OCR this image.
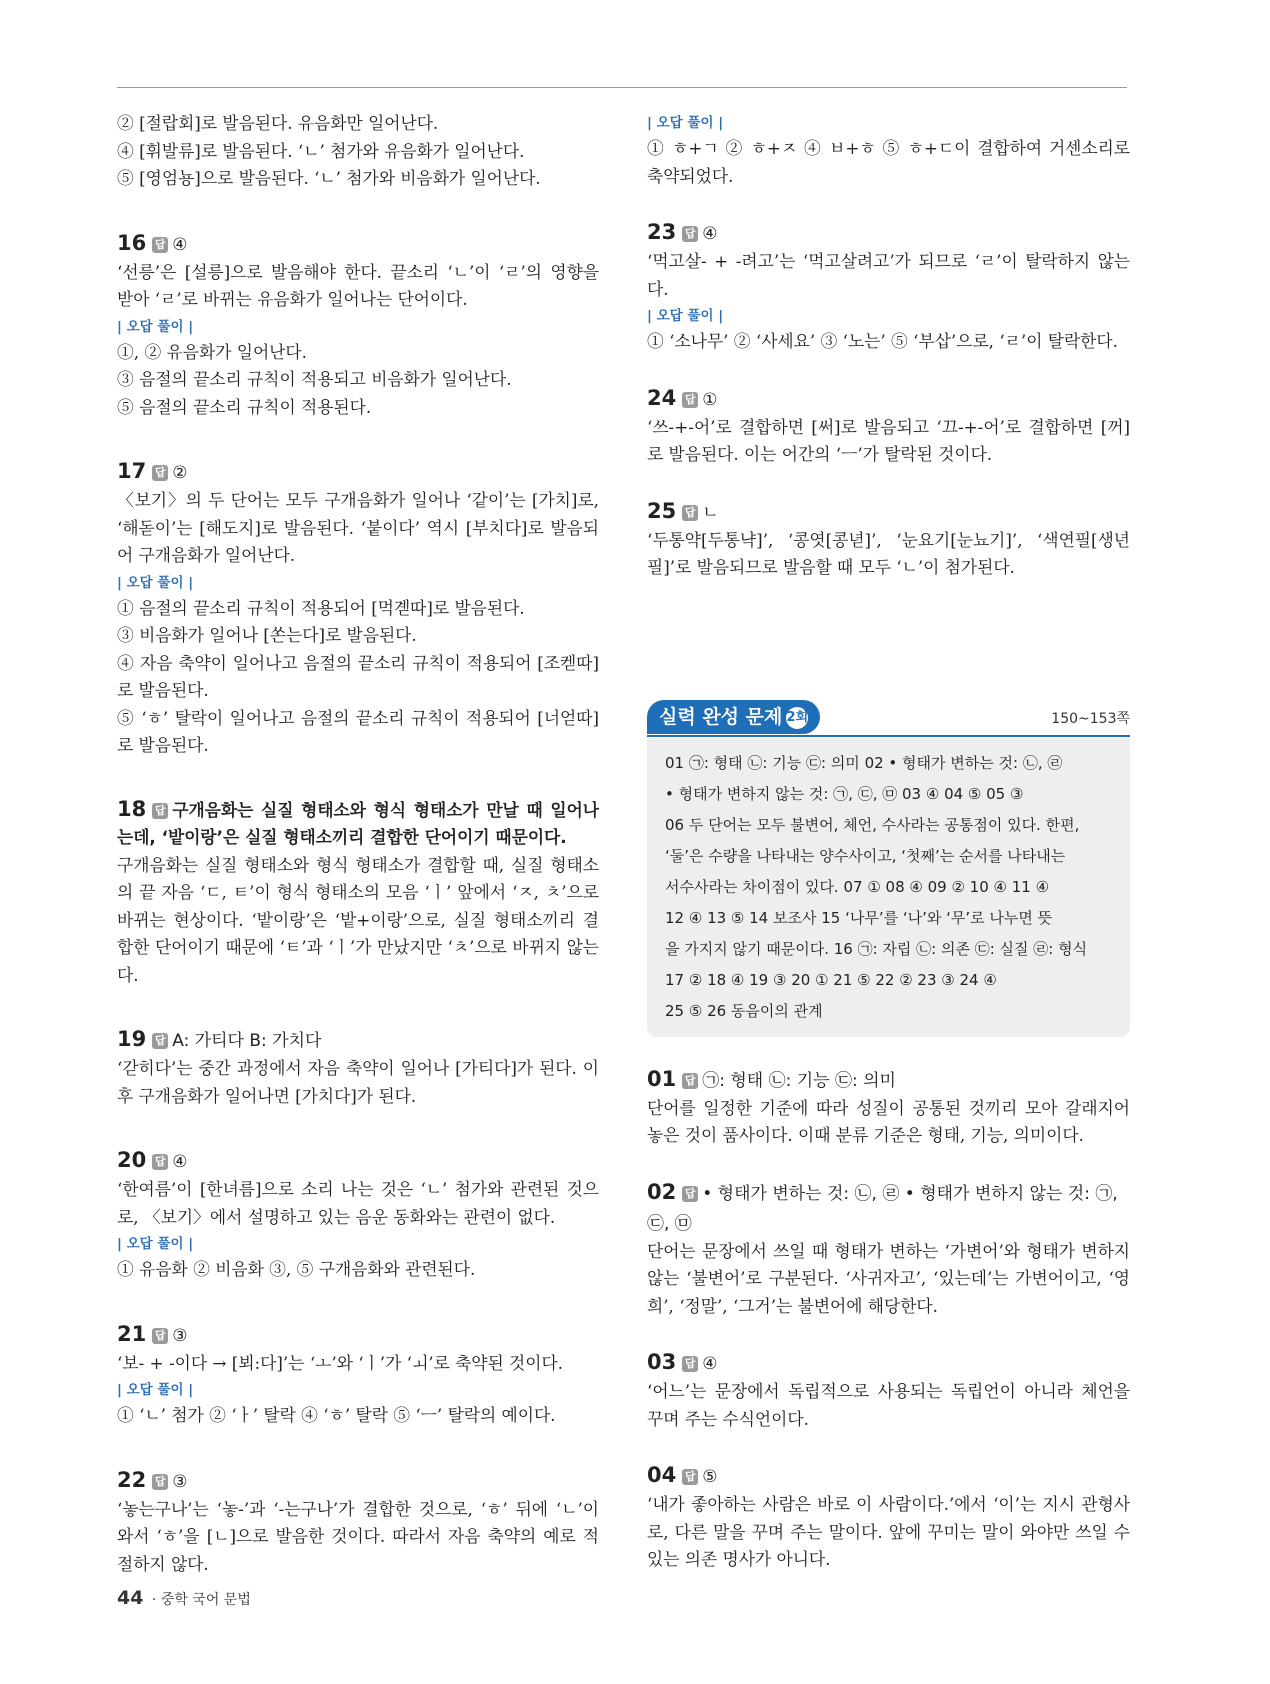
② [절랍회]로 발음된다. 유음화만 일어난다.

④ [휘발류]로 발음된다. ‘ㄴ’ 첨가와 유음화가 일어난다.

⑤ [영엄뇽]으로 발음된다. ‘ㄴ’ 첨가와 비음화가 일어난다.

16 답 ④

‘선릉’은 [설릉]으로 발음해야 한다. 끝소리 ‘ㄴ’이 ‘ㄹ’의 영향을 받아 ‘ㄹ’로 바뀌는 유음화가 일어나는 단어이다.

| 오답 풀이 |

①, ② 유음화가 일어난다.

③ 음절의 끝소리 규칙이 적용되고 비음화가 일어난다.

⑤ 음절의 끝소리 규칙이 적용된다.

17 답 ②

〈보기〉의 두 단어는 모두 구개음화가 일어나 ‘같이’는 [가치]로, ‘해돋이’는 [해도지]로 발음된다. ‘붙이다’ 역시 [부치다]로 발음되어 구개음화가 일어난다.

| 오답 풀이 |

① 음절의 끝소리 규칙이 적용되어 [먹곋따]로 발음된다.

③ 비음화가 일어나 [쏜는다]로 발음된다.

④ 자음 축약이 일어나고 음절의 끝소리 규칙이 적용되어 [조켇따]로 발음된다.

⑤ ‘ㅎ’ 탈락이 일어나고 음절의 끝소리 규칙이 적용되어 [너얻따]로 발음된다.

18 답 구개음화는 실질 형태소와 형식 형태소가 만날 때 일어나는데, ‘밭이랑’은 실질 형태소끼리 결합한 단어이기 때문이다.

구개음화는 실질 형태소와 형식 형태소가 결합할 때, 실질 형태소의 끝 자음 ‘ㄷ, ㅌ’이 형식 형태소의 모음 ‘ㅣ’ 앞에서 ‘ㅈ, ㅊ’으로 바뀌는 현상이다. ‘밭이랑’은 ‘밭+이랑’으로, 실질 형태소끼리 결합한 단어이기 때문에 ‘ㅌ’과 ‘ㅣ’가 만났지만 ‘ㅊ’으로 바뀌지 않는다.

19 답 A: 가티다 B: 가치다

‘갇히다’는 중간 과정에서 자음 축약이 일어나 [가티다]가 된다. 이후 구개음화가 일어나면 [가치다]가 된다.

20 답 ④

‘한여름’이 [한녀름]으로 소리 나는 것은 ‘ㄴ’ 첨가와 관련된 것으로, 〈보기〉에서 설명하고 있는 음운 동화와는 관련이 없다.

| 오답 풀이 |

① 유음화 ② 비음화 ③, ⑤ 구개음화와 관련된다.

21 답 ③

‘보- + -이다 → [뵈:다]’는 ‘ㅗ’와 ‘ㅣ’가 ‘ㅚ’로 축약된 것이다.

| 오답 풀이 |

① ‘ㄴ’ 첨가 ② ‘ㅏ’ 탈락 ④ ‘ㅎ’ 탈락 ⑤ ‘ㅡ’ 탈락의 예이다.

22 답 ③

‘놓는구나’는 ‘놓-’과 ‘-는구나’가 결합한 것으로, ‘ㅎ’ 뒤에 ‘ㄴ’이 와서 ‘ㅎ’을 [ㄴ]으로 발음한 것이다. 따라서 자음 축약의 예로 적절하지 않다.

| 오답 풀이 |

① ㅎ+ㄱ ② ㅎ+ㅈ ④ ㅂ+ㅎ ⑤ ㅎ+ㄷ이 결합하여 거센소리로 축약되었다.

23 답 ④

‘먹고살- + -려고’는 ‘먹고살려고’가 되므로 ‘ㄹ’이 탈락하지 않는다.

| 오답 풀이 |

① ‘소나무’ ② ‘사세요’ ③ ‘노는’ ⑤ ‘부삽’으로, ‘ㄹ’이 탈락한다.

24 답 ①

‘쓰-+-어’로 결합하면 [써]로 발음되고 ‘끄-+-어’로 결합하면 [꺼]로 발음된다. 이는 어간의 ‘ㅡ’가 탈락된 것이다.

25 답 ㄴ

‘두통약[두통냑]’, ‘콩엿[콩녇]’, ‘눈요기[눈뇨기]’, ‘색연필[생년필]’로 발음되므로 발음할 때 모두 ‘ㄴ’이 첨가된다.

실력 완성 문제 2회	150~153쪽
01 ㉠: 형태 ㉡: 기능 ㉢: 의미 02 • 형태가 변하는 것: ㉡, ㉣
• 형태가 변하지 않는 것: ㉠, ㉢, ㉤ 03 ④ 04 ⑤ 05 ③
06 두 단어는 모두 불변어, 체언, 수사라는 공통점이 있다. 한편,
‘둘’은 수량을 나타내는 양수사이고, ‘첫째’는 순서를 나타내는
서수사라는 차이점이 있다. 07 ① 08 ④ 09 ② 10 ④ 11 ④
12 ④ 13 ⑤ 14 보조사 15 ‘나무’를 ‘나’와 ‘무’로 나누면 뜻
을 가지지 않기 때문이다. 16 ㉠: 자립 ㉡: 의존 ㉢: 실질 ㉣: 형식
17 ② 18 ④ 19 ③ 20 ① 21 ⑤ 22 ② 23 ③ 24 ④
25 ⑤ 26 동음이의 관계
01 답 ㉠: 형태 ㉡: 기능 ㉢: 의미

단어를 일정한 기준에 따라 성질이 공통된 것끼리 모아 갈래지어 놓은 것이 품사이다. 이때 분류 기준은 형태, 기능, 의미이다.

02 답 • 형태가 변하는 것: ㉡, ㉣ • 형태가 변하지 않는 것: ㉠, ㉢, ㉤

단어는 문장에서 쓰일 때 형태가 변하는 ‘가변어’와 형태가 변하지 않는 ‘불변어’로 구분된다. ‘사귀자고’, ‘있는데’는 가변어이고, ‘영희’, ‘정말’, ‘그거’는 불변어에 해당한다.

03 답 ④

‘어느’는 문장에서 독립적으로 사용되는 독립언이 아니라 체언을 꾸며 주는 수식언이다.

04 답 ⑤

‘내가 좋아하는 사람은 바로 이 사람이다.’에서 ‘이’는 지시 관형사로, 다른 말을 꾸며 주는 말이다. 앞에 꾸미는 말이 와야만 쓰일 수 있는 의존 명사가 아니다.

44 · 중학 국어 문법
